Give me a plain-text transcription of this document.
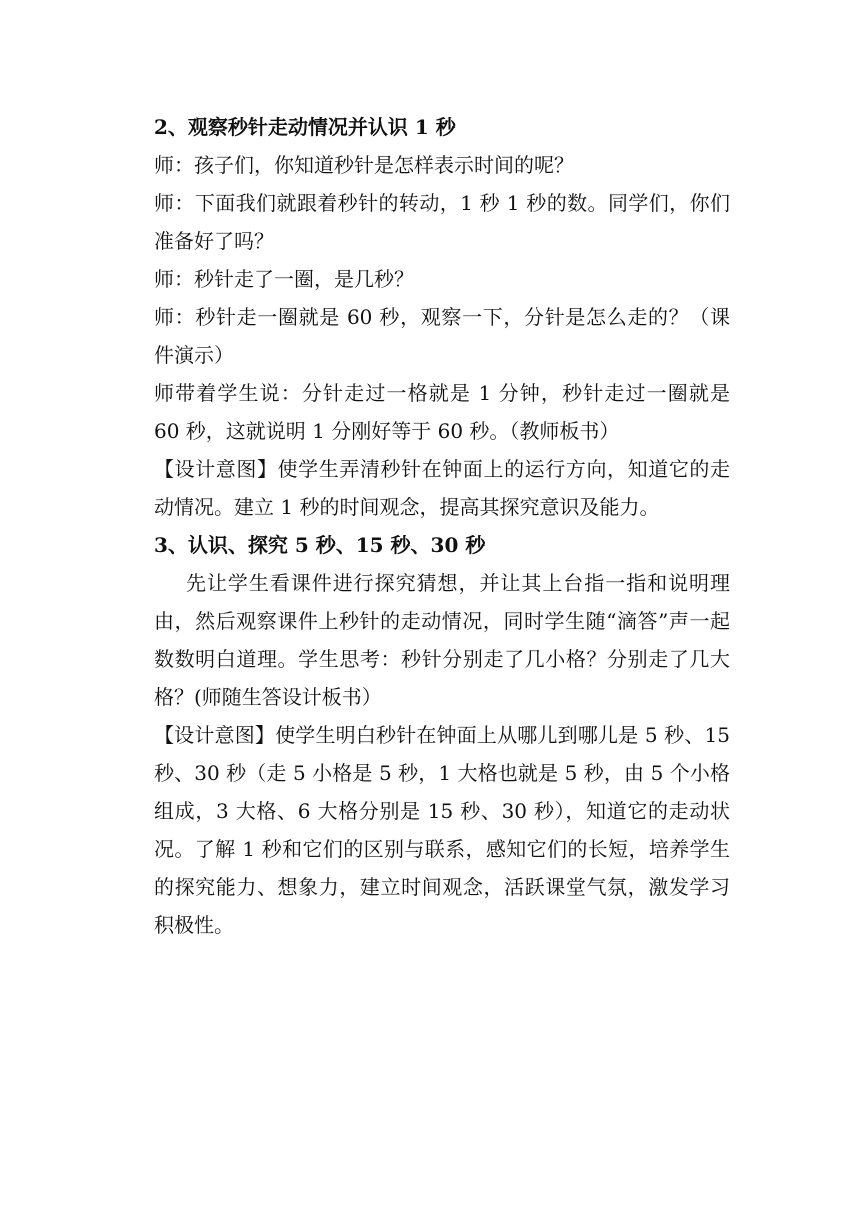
2、观察秒针走动情况并认识 1 秒

师：孩子们，你知道秒针是怎样表示时间的呢？

师：下面我们就跟着秒针的转动，1 秒 1 秒的数。同学们，你们准备好了吗？

师：秒针走了一圈，是几秒？

师：秒针走一圈就是 60 秒，观察一下，分针是怎么走的？（课件演示）

师带着学生说：分针走过一格就是 1 分钟，秒针走过一圈就是 60 秒，这就说明 1 分刚好等于 60 秒。（教师板书）

【设计意图】使学生弄清秒针在钟面上的运行方向，知道它的走动情况。建立 1 秒的时间观念，提高其探究意识及能力。

3、认识、探究 5 秒、15 秒、30 秒

先让学生看课件进行探究猜想，并让其上台指一指和说明理由，然后观察课件上秒针的走动情况，同时学生随“滴答”声一起数数明白道理。学生思考：秒针分别走了几小格？分别走了几大格？(师随生答设计板书）

【设计意图】使学生明白秒针在钟面上从哪儿到哪儿是 5 秒、15 秒、30 秒（走 5 小格是 5 秒，1 大格也就是 5 秒，由 5 个小格组成，3 大格、6 大格分别是 15 秒、30 秒），知道它的走动状况。了解 1 秒和它们的区别与联系，感知它们的长短，培养学生的探究能力、想象力，建立时间观念，活跃课堂气氛，激发学习积极性。
